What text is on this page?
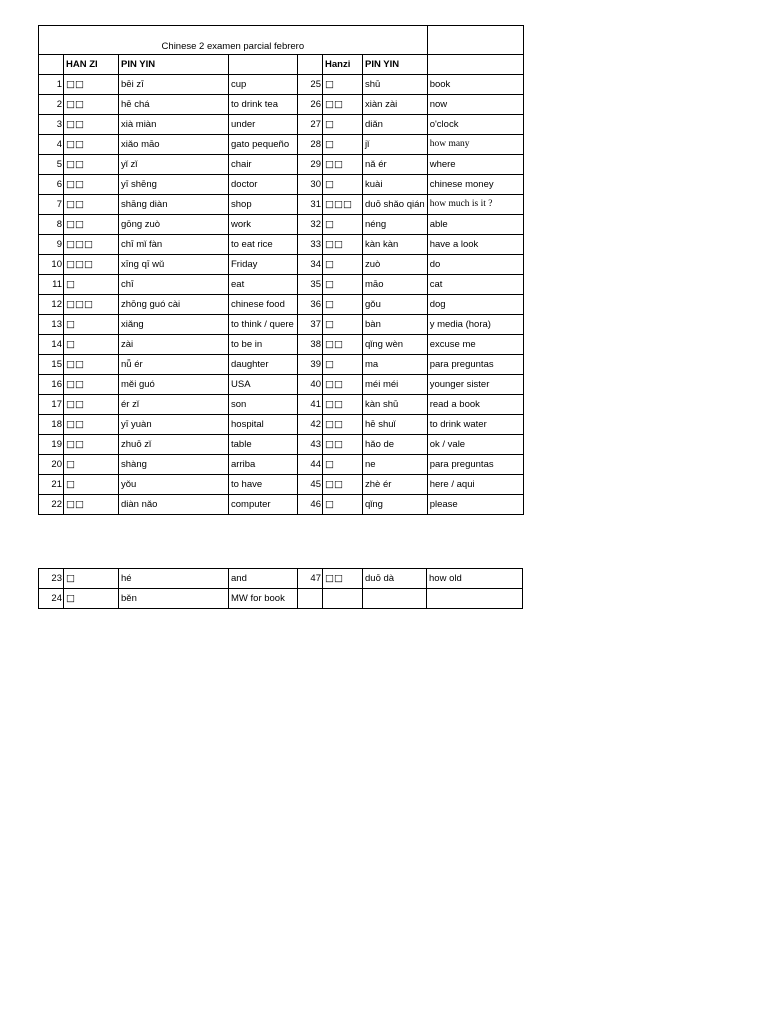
Chinese 2 examen parcial febrero							
	HAN ZI	PIN YIN			Hanzi	PIN YIN	
1	□□	bēi zī	cup	25	□	shū	book
2	□□	hē chá	to drink tea	26	□□	xiàn zài	now
3	□□	xià miàn	under	27	□	diǎn	o'clock
4	□□	xiǎo māo	gato pequeño	28	□	jǐ	how many
5	□□	yǐ zǐ	chair	29	□□	nǎ ér	where
6	□□	yī shēng	doctor	30	□	kuài	chinese money
7	□□	shāng diàn	shop	31	□□□	duō shǎo qián	how much is it ?
8	□□	gōng zuò	work	32	□	néng	able
9	□□□	chī mǐ fàn	to eat rice	33	□□	kàn kàn	have a look
10	□□□	xīng qī wǔ	Friday	34	□	zuò	do
11	□	chī	eat	35	□	māo	cat
12	□□□	zhōng guó cài	chinese food	36	□	gǒu	dog
13	□	xiǎng	to think / quere	37	□	bàn	y media (hora)
14	□	zài	to be in	38	□□	qǐng wèn	excuse me
15	□□	nǚ ér	daughter	39	□	ma	para preguntas
16	□□	měi guó	USA	40	□□	méi méi	younger sister
17	□□	ér zǐ	son	41	□□	kàn shū	read a book
18	□□	yī yuàn	hospital	42	□□	hē shuǐ	to drink water
19	□□	zhuō zǐ	table	43	□□	hǎo de	ok / vale
20	□	shàng	arriba	44	□	ne	para preguntas
21	□	yǒu	to have	45	□□	zhè ér	here / aqui
22	□□	diàn nǎo	computer	46	□	qǐng	please
23	□	hé	and	47	□□	duō dà	how old
24	□	běn	MW for book				
